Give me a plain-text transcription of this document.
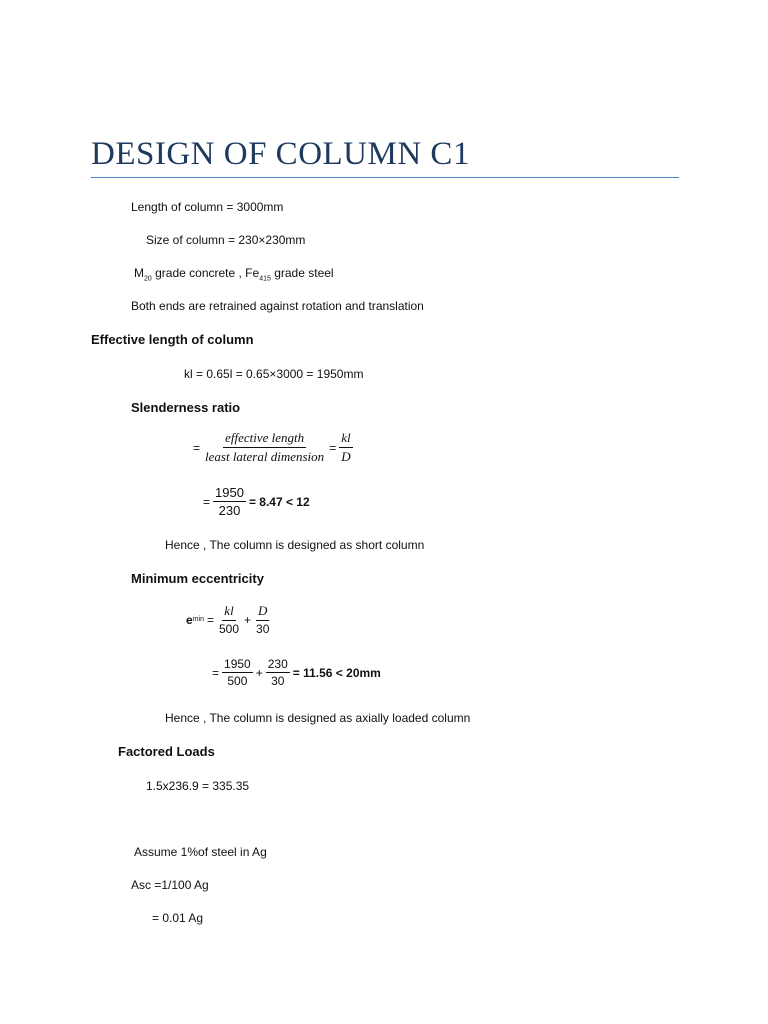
DESIGN OF COLUMN C1
Length of column = 3000mm
Size of column = 230×230mm
$M_{20}$ grade concrete , $Fe_{415}$ grade steel
Both ends are retrained against rotation and translation
Effective length of column
kl = 0.65l = 0.65×3000 = 1950mm
Slenderness ratio
= $\frac{\text{effective length}}{\text{least lateral dimension}} = \frac{kl}{D}$
= $\frac{1950}{230} = 8.47 < 12$
Hence , The column is designed as short column
Minimum eccentricity
e $\min = \frac{kl}{500} + \frac{D}{30}$
= $\frac{1950}{500} + \frac{230}{30} = 11.56 < 20mm$
Hence , The column is designed as axially loaded column
Factored Loads
1.5x236.9 = 335.35
Assume 1%of steel in Ag
Asc =1/100 Ag
= 0.01 Ag
